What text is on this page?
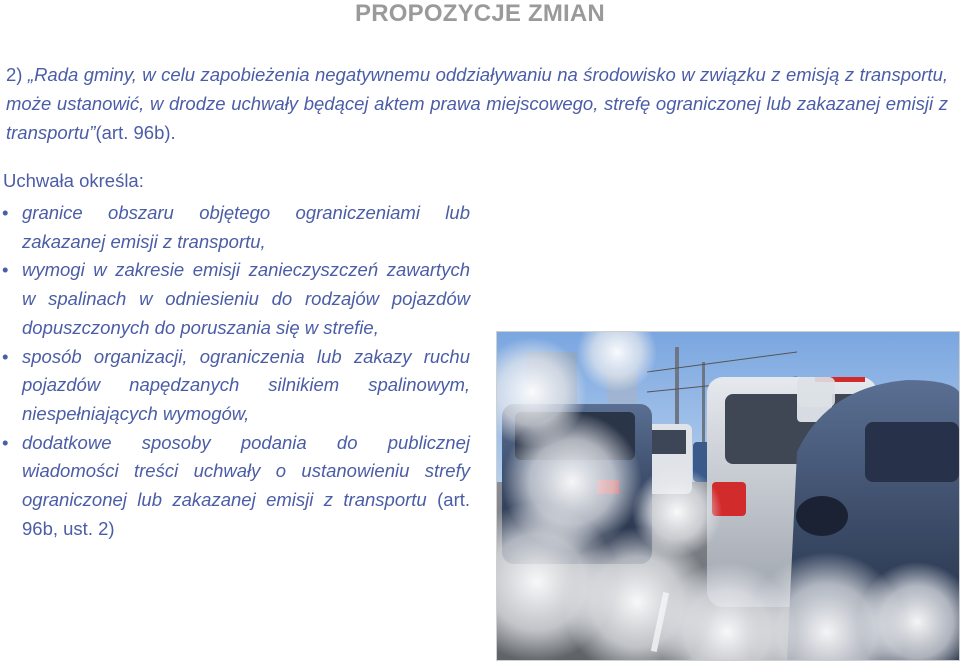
PROPOZYCJE ZMIAN
2) „Rada gminy, w celu zapobieżenia negatywnemu oddziaływaniu na środowisko w związku z emisją z transportu, może ustanowić, w drodze uchwały będącej aktem prawa miejscowego, strefę ograniczonej lub zakazanej emisji z transportu”(art. 96b).
Uchwała określa:
• granice obszaru objętego ograniczeniami lub zakazanej emisji z transportu,
• wymogi w zakresie emisji zanieczyszczeń zawartych w spalinach w odniesieniu do rodzajów pojazdów dopuszczonych do poruszania się w strefie,
• sposób organizacji, ograniczenia lub zakazy ruchu pojazdów napędzanych silnikiem spalinowym, niespełniających wymogów,
• dodatkowe sposoby podania do publicznej wiadomości treści uchwały o ustanowieniu strefy ograniczonej lub zakazanej emisji z transportu (art. 96b, ust. 2)
